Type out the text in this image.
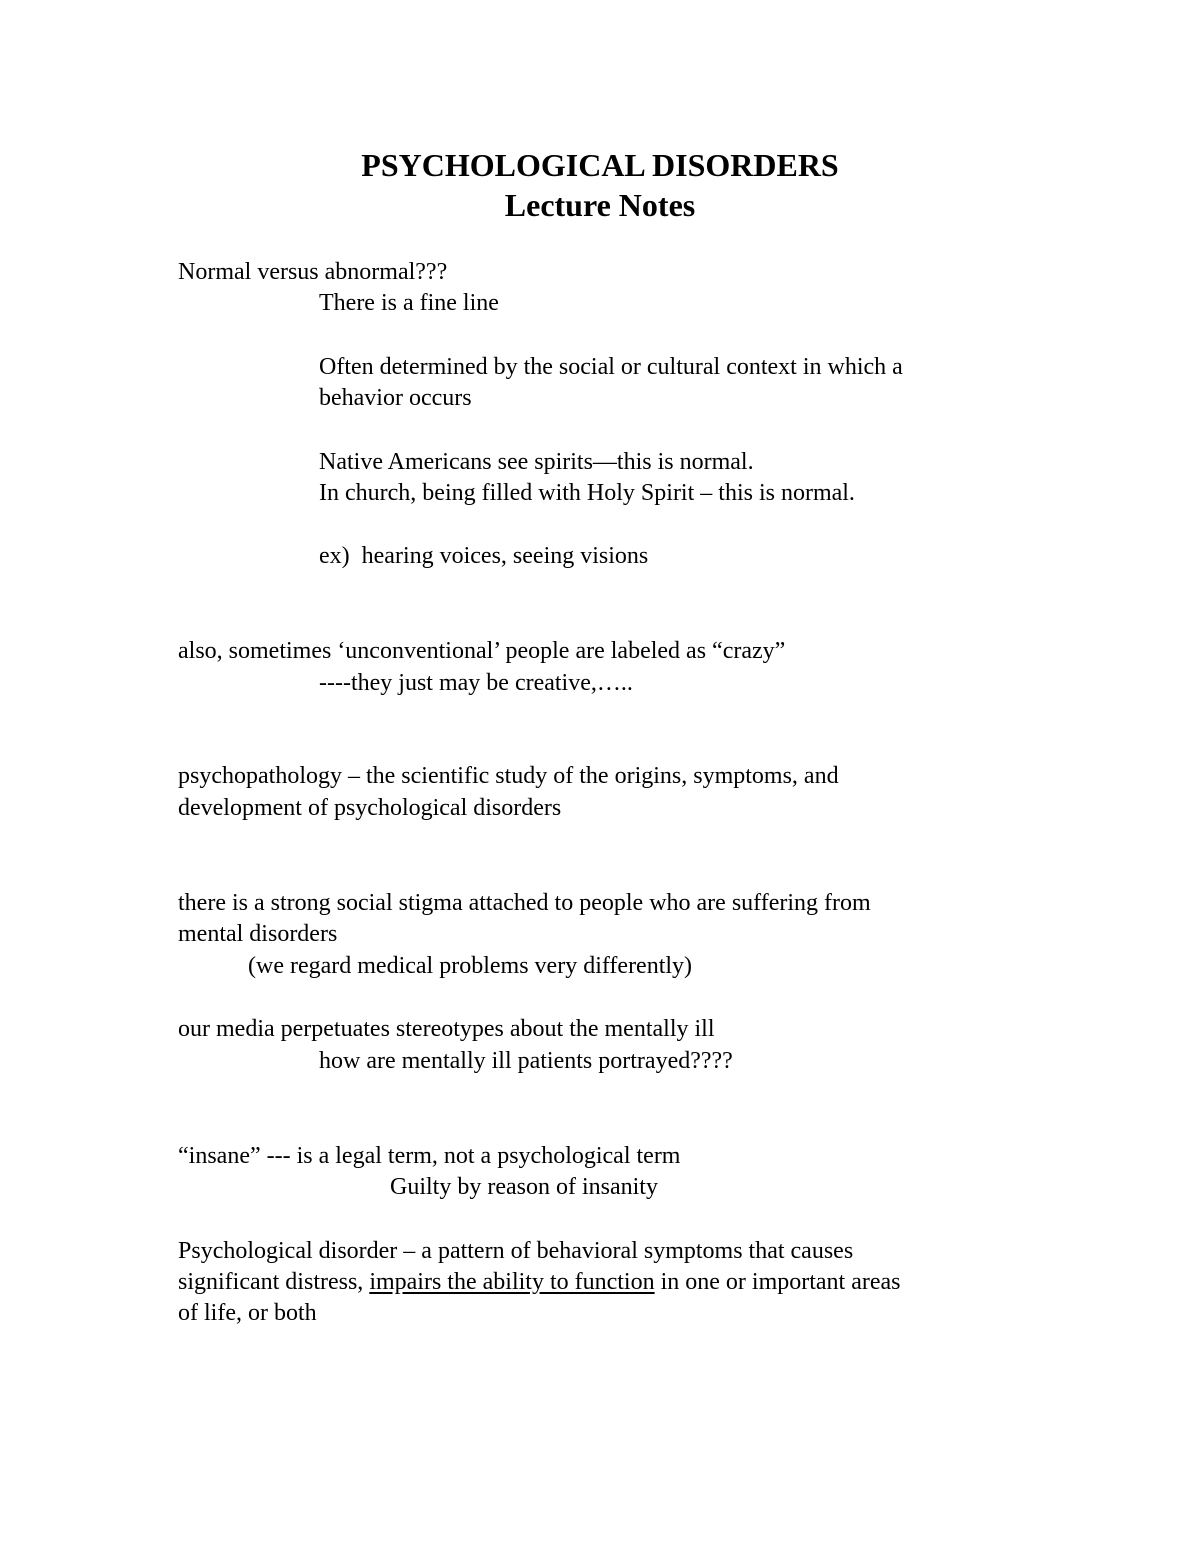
PSYCHOLOGICAL DISORDERS
Lecture Notes
Normal versus abnormal???
There is a fine line
Often determined by the social or cultural context in which a
behavior occurs
Native Americans see spirits—this is normal.
In church, being filled with Holy Spirit – this is normal.
ex)  hearing voices, seeing visions
also, sometimes ‘unconventional’ people are labeled as “crazy”
----they just may be creative,…..
psychopathology – the scientific study of the origins, symptoms, and
development of psychological disorders
there is a strong social stigma attached to people who are suffering from
mental disorders
(we regard medical problems very differently)
our media perpetuates stereotypes about the mentally ill
how are mentally ill patients portrayed????
“insane” --- is a legal term, not a psychological term
Guilty by reason of insanity
Psychological disorder – a pattern of behavioral symptoms that causes
significant distress, impairs the ability to function in one or important areas
of life, or both
